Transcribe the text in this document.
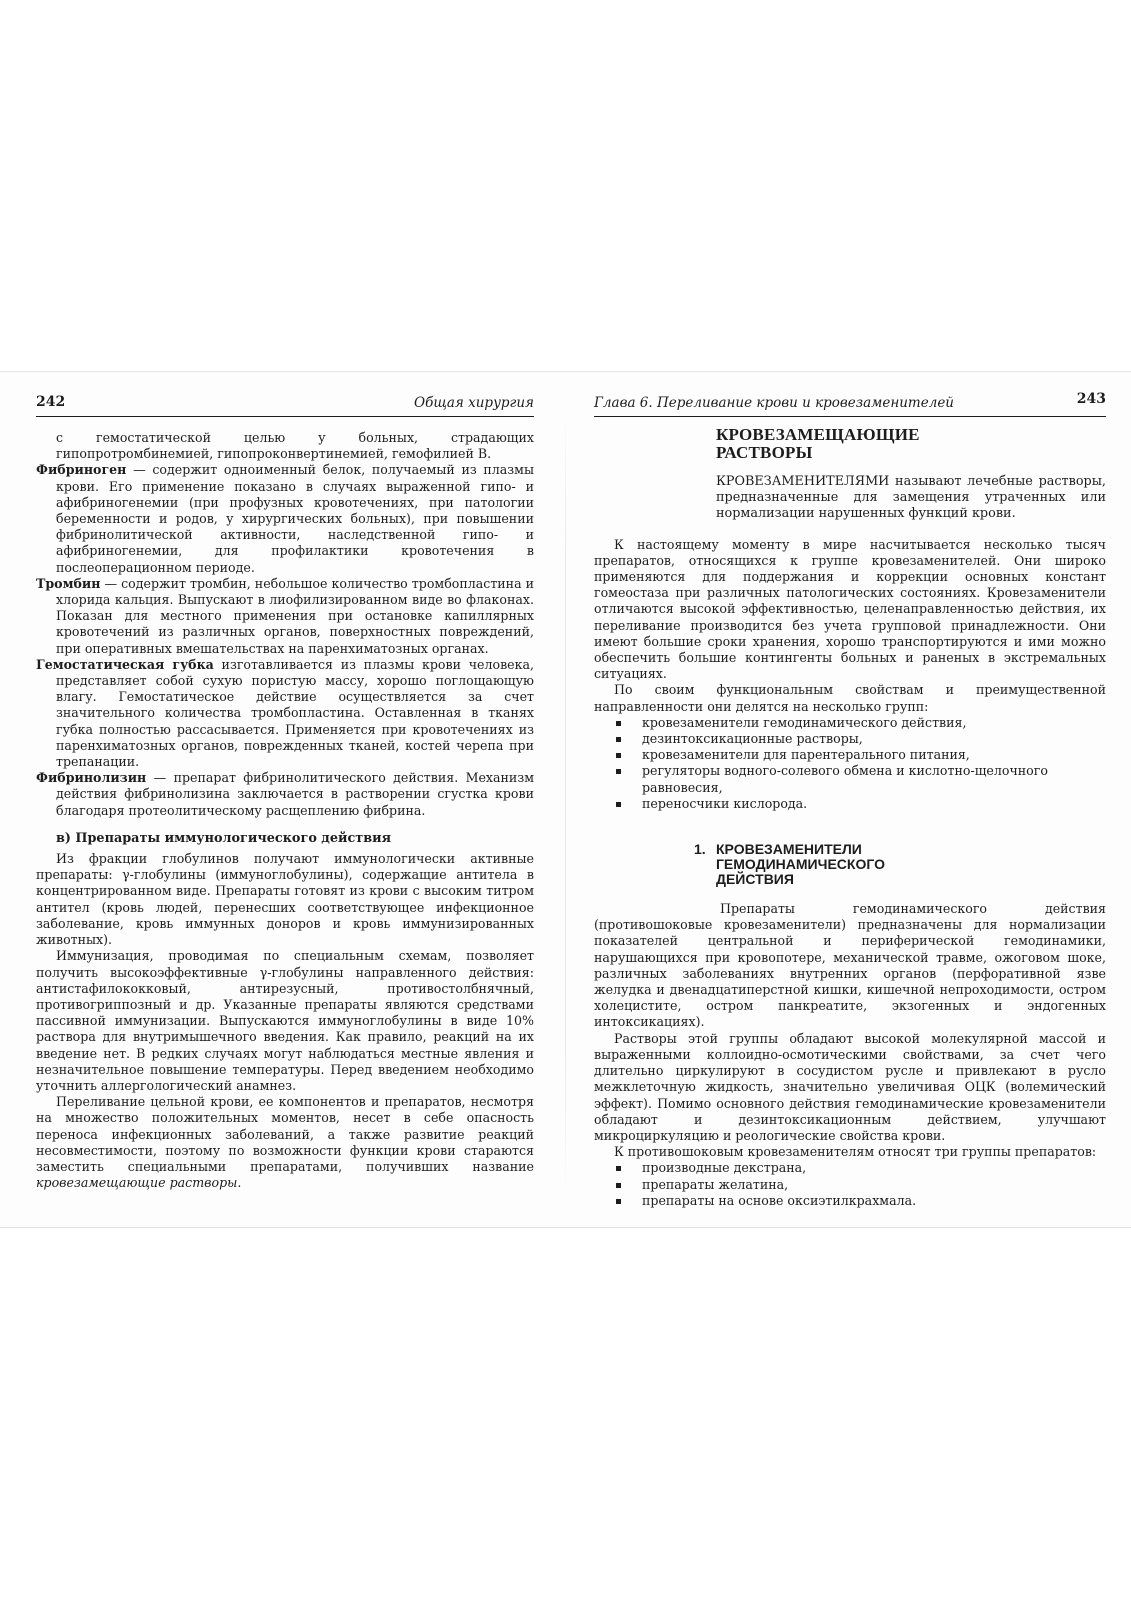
242	Общая хирургия

с гемостатической целью у больных, страдающих гипопротромбинемией, гипопроконвертинемией, гемофилией В.

Фибриноген — содержит одноименный белок, получаемый из плазмы крови. Его применение показано в случаях выраженной гипо- и афибриногенемии (при профузных кровотечениях, при патологии беременности и родов, у хирургических больных), при повышении фибринолитической активности, наследственной гипо- и афибриногенемии, для профилактики кровотечения в послеоперационном периоде.

Тромбин — содержит тромбин, небольшое количество тромбопластина и хлорида кальция. Выпускают в лиофилизированном виде во флаконах. Показан для местного применения при остановке капиллярных кровотечений из различных органов, поверхностных повреждений, при оперативных вмешательствах на паренхиматозных органах.

Гемостатическая губка изготавливается из плазмы крови человека, представляет собой сухую пористую массу, хорошо поглощающую влагу. Гемостатическое действие осуществляется за счет значительного количества тромбопластина. Оставленная в тканях губка полностью рассасывается. Применяется при кровотечениях из паренхиматозных органов, поврежденных тканей, костей черепа при трепанации.

Фибринолизин — препарат фибринолитического действия. Механизм действия фибринолизина заключается в растворении сгустка крови благодаря протеолитическому расщеплению фибрина.

в) Препараты иммунологического действия

Из фракции глобулинов получают иммунологически активные препараты: γ-глобулины (иммуноглобулины), содержащие антитела в концентрированном виде. Препараты готовят из крови с высоким титром антител (кровь людей, перенесших соответствующее инфекционное заболевание, кровь иммунных доноров и кровь иммунизированных животных).

Иммунизация, проводимая по специальным схемам, позволяет получить высокоэффективные γ-глобулины направленного действия: антистафилококковый, антирезусный, противостолбнячный, противогриппозный и др. Указанные препараты являются средствами пассивной иммунизации. Выпускаются иммуноглобулины в виде 10% раствора для внутримышечного введения. Как правило, реакций на их введение нет. В редких случаях могут наблюдаться местные явления и незначительное повышение температуры. Перед введением необходимо уточнить аллергологический анамнез.

Переливание цельной крови, ее компонентов и препаратов, несмотря на множество положительных моментов, несет в себе опасность переноса инфекционных заболеваний, а также развитие реакций несовместимости, поэтому по возможности функции крови стараются заместить специальными препаратами, получивших название кровезамещающие растворы.

Глава 6. Переливание крови и кровезаменителей	243
КРОВЕЗАМЕЩАЮЩИЕ
РАСТВОРЫ

КРОВЕЗАМЕНИТЕЛЯМИ называют лечебные растворы, предназначенные для замещения утраченных или нормализации нарушенных функций крови.

К настоящему моменту в мире насчитывается несколько тысяч препаратов, относящихся к группе кровезаменителей. Они широко применяются для поддержания и коррекции основных констант гомеостаза при различных патологических состояниях. Кровезаменители отличаются высокой эффективностью, целенаправленностью действия, их переливание производится без учета групповой принадлежности. Они имеют большие сроки хранения, хорошо транспортируются и ими можно обеспечить большие контингенты больных и раненых в экстремальных ситуациях.

По своим функциональным свойствам и преимущественной направленности они делятся на несколько групп:

кровезаменители гемодинамического действия,
дезинтоксикационные растворы,
кровезаменители для парентерального питания,
регуляторы водного-солевого обмена и кислотно-щелочного равновесия,
переносчики кислорода.
1. КРОВЕЗАМЕНИТЕЛИ
ГЕМОДИНАМИЧЕСКОГО
ДЕЙСТВИЯ

Препараты гемодинамического действия (противошоковые кровезаменители) предназначены для нормализации показателей центральной и периферической гемодинамики, нарушающихся при кровопотере, механической травме, ожоговом шоке, различных заболеваниях внутренних органов (перфоративной язве желудка и двенадцатиперстной кишки, кишечной непроходимости, остром холецистите, остром панкреатите, экзогенных и эндогенных интоксикациях).

Растворы этой группы обладают высокой молекулярной массой и выраженными коллоидно-осмотическими свойствами, за счет чего длительно циркулируют в сосудистом русле и привлекают в русло межклеточную жидкость, значительно увеличивая ОЦК (волемический эффект). Помимо основного действия гемодинамические кровезаменители обладают и дезинтоксикационным действием, улучшают микроциркуляцию и реологические свойства крови.

К противошоковым кровезаменителям относят три группы препаратов:

производные декстрана,
препараты желатина,
препараты на основе оксиэтилкрахмала.
